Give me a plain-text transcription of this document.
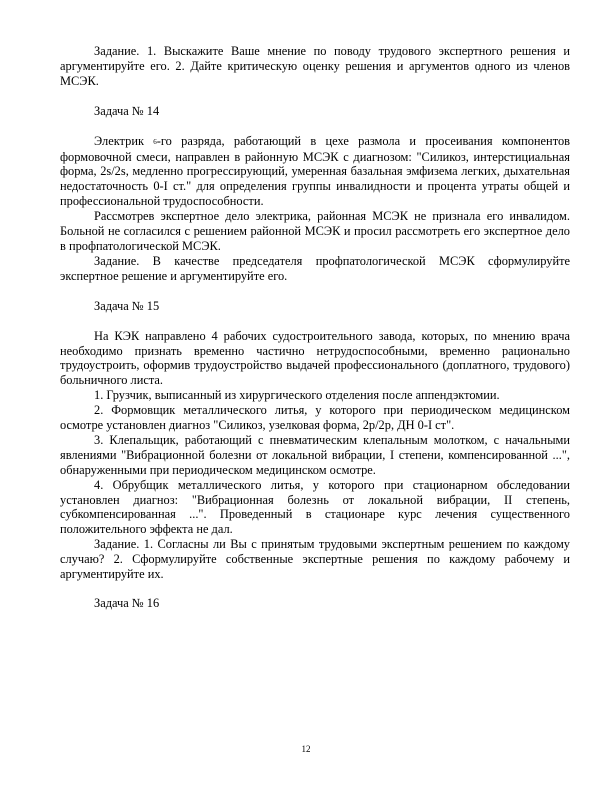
Задание. 1. Выскажите Ваше мнение по поводу трудового экспертного решения и аргументируйте его. 2. Дайте критическую оценку решения и аргументов одного из членов МСЭК.

Задача № 14

Электрик 6-го разряда, работающий в цехе размола и просеивания компонентов формовочной смеси, направлен в районную МСЭК с диагнозом: "Силикоз, интерстициальная форма, 2s/2s, медленно прогрессирующий, умеренная базальная эмфизема легких, дыхательная недостаточность 0-I ст." для определения группы инвалидности и процента утраты общей и профессиональной трудоспособности.

Рассмотрев экспертное дело электрика, районная МСЭК не признала его инвалидом. Больной не согласился с решением районной МСЭК и просил рассмотреть его экспертное дело в профпатологической МСЭК.

Задание. В качестве председателя профпатологической МСЭК сформулируйте экспертное решение и аргументируйте его.

Задача № 15

На КЭК направлено 4 рабочих судостроительного завода, которых, по мнению врача необходимо признать временно частично нетрудоспособными, временно рационально трудоустроить, оформив трудоустройство выдачей профессионального (доплатного, трудового) больничного листа.

1. Грузчик, выписанный из хирургического отделения после аппендэктомии.

2. Формовщик металлического литья, у которого при периодическом медицинском осмотре установлен диагноз "Силикоз, узелковая форма, 2р/2р, ДН 0-I ст".

3. Клепальщик, работающий с пневматическим клепальным молотком, с начальными явлениями "Вибрационной болезни от локальной вибрации, I степени, компенсированной ...", обнаруженными при периодическом медицинском осмотре.

4. Обрубщик металлического литья, у которого при стационарном обследовании установлен диагноз: "Вибрационная болезнь от локальной вибрации, II степень, субкомпенсированная ...". Проведенный в стационаре курс лечения существенного положительного эффекта не дал.

Задание. 1. Согласны ли Вы с принятым трудовыми экспертным решением по каждому случаю? 2. Сформулируйте собственные экспертные решения по каждому рабочему и аргументируйте их.

Задача № 16

12
